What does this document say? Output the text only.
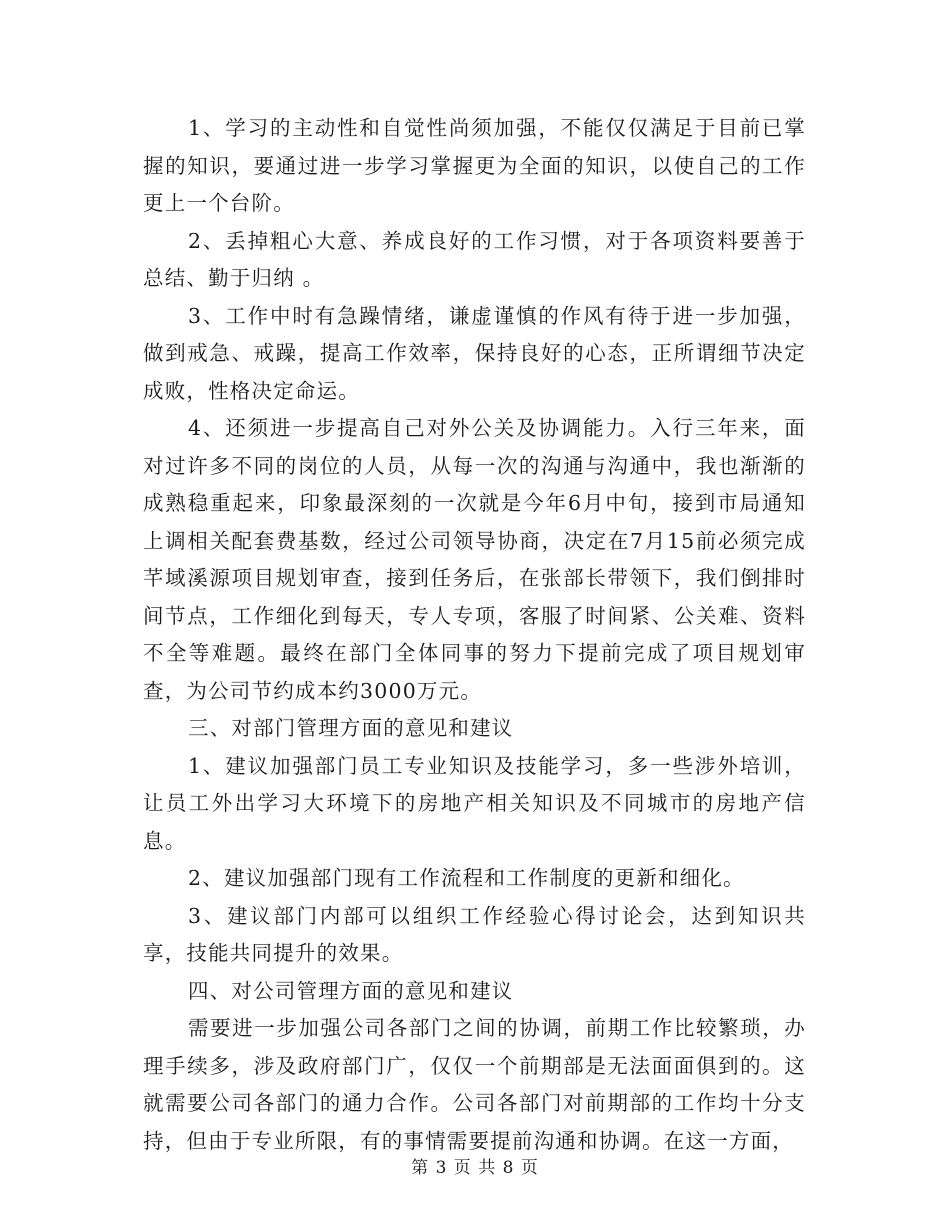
1、学习的主动性和自觉性尚须加强，不能仅仅满足于目前已掌握的知识，要通过进一步学习掌握更为全面的知识，以使自己的工作更上一个台阶。

2、丢掉粗心大意、养成良好的工作习惯，对于各项资料要善于总结、勤于归纳 。

3、工作中时有急躁情绪，谦虚谨慎的作风有待于进一步加强，做到戒急、戒躁，提高工作效率，保持良好的心态，正所谓细节决定成败，性格决定命运。

4、还须进一步提高自己对外公关及协调能力。入行三年来，面对过许多不同的岗位的人员，从每一次的沟通与沟通中，我也渐渐的成熟稳重起来，印象最深刻的一次就是今年6月中旬，接到市局通知上调相关配套费基数，经过公司领导协商，决定在7月15前必须完成芊域溪源项目规划审查，接到任务后，在张部长带领下，我们倒排时间节点，工作细化到每天，专人专项，客服了时间紧、公关难、资料不全等难题。最终在部门全体同事的努力下提前完成了项目规划审查，为公司节约成本约3000万元。

三、对部门管理方面的意见和建议

1、建议加强部门员工专业知识及技能学习，多一些涉外培训，让员工外出学习大环境下的房地产相关知识及不同城市的房地产信息。

2、建议加强部门现有工作流程和工作制度的更新和细化。

3、建议部门内部可以组织工作经验心得讨论会，达到知识共享，技能共同提升的效果。

四、对公司管理方面的意见和建议

需要进一步加强公司各部门之间的协调，前期工作比较繁琐，办理手续多，涉及政府部门广，仅仅一个前期部是无法面面俱到的。这就需要公司各部门的通力合作。公司各部门对前期部的工作均十分支持，但由于专业所限，有的事情需要提前沟通和协调。在这一方面，

第 3 页 共 8 页
